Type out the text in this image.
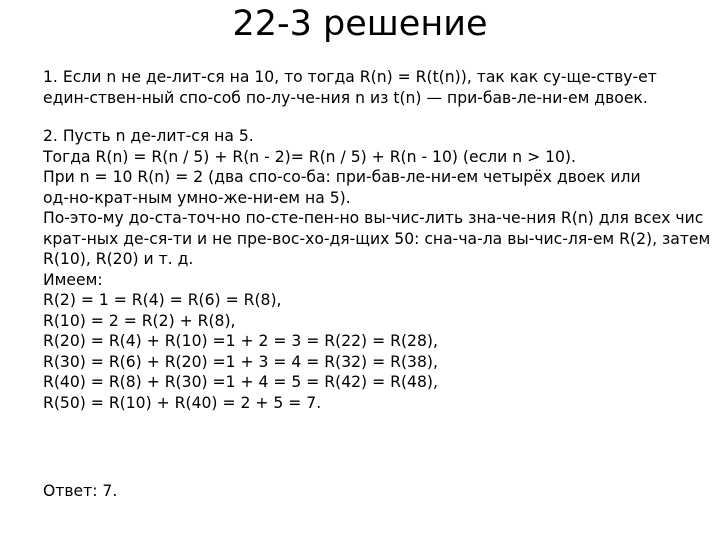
22-3 решение
1. Если n не де-лит-ся на 10, то тогда R(n) = R(t(n)), так как су-ще-ству-ет
един-ствен-ный спо-соб по-лу-че-ния n из t(n) — при-бав-ле-ни-ем двоек.
2. Пусть n де-лит-ся на 5.
Тогда R(n) = R(n / 5) + R(n - 2)= R(n / 5) + R(n - 10) (если n > 10).
При n = 10 R(n) = 2 (два спо-со-ба: при-бав-ле-ни-ем четырёх двоек или
од-но-крат-ным умно-же-ни-ем на 5).
По-это-му до-ста-точ-но по-сте-пен-но вы-чис-лить зна-че-ния R(n) для всех чис
крат-ных де-ся-ти и не пре-вос-хо-дя-щих 50: сна-ча-ла вы-чис-ля-ем R(2), затем
R(10), R(20) и т. д.
Имеем:
R(2) = 1 = R(4) = R(6) = R(8),
R(10) = 2 = R(2) + R(8),
R(20) = R(4) + R(10) =1 + 2 = 3 = R(22) = R(28),
R(30) = R(6) + R(20) =1 + 3 = 4 = R(32) = R(38),
R(40) = R(8) + R(30) =1 + 4 = 5 = R(42) = R(48),
R(50) = R(10) + R(40) = 2 + 5 = 7.
Ответ: 7.
